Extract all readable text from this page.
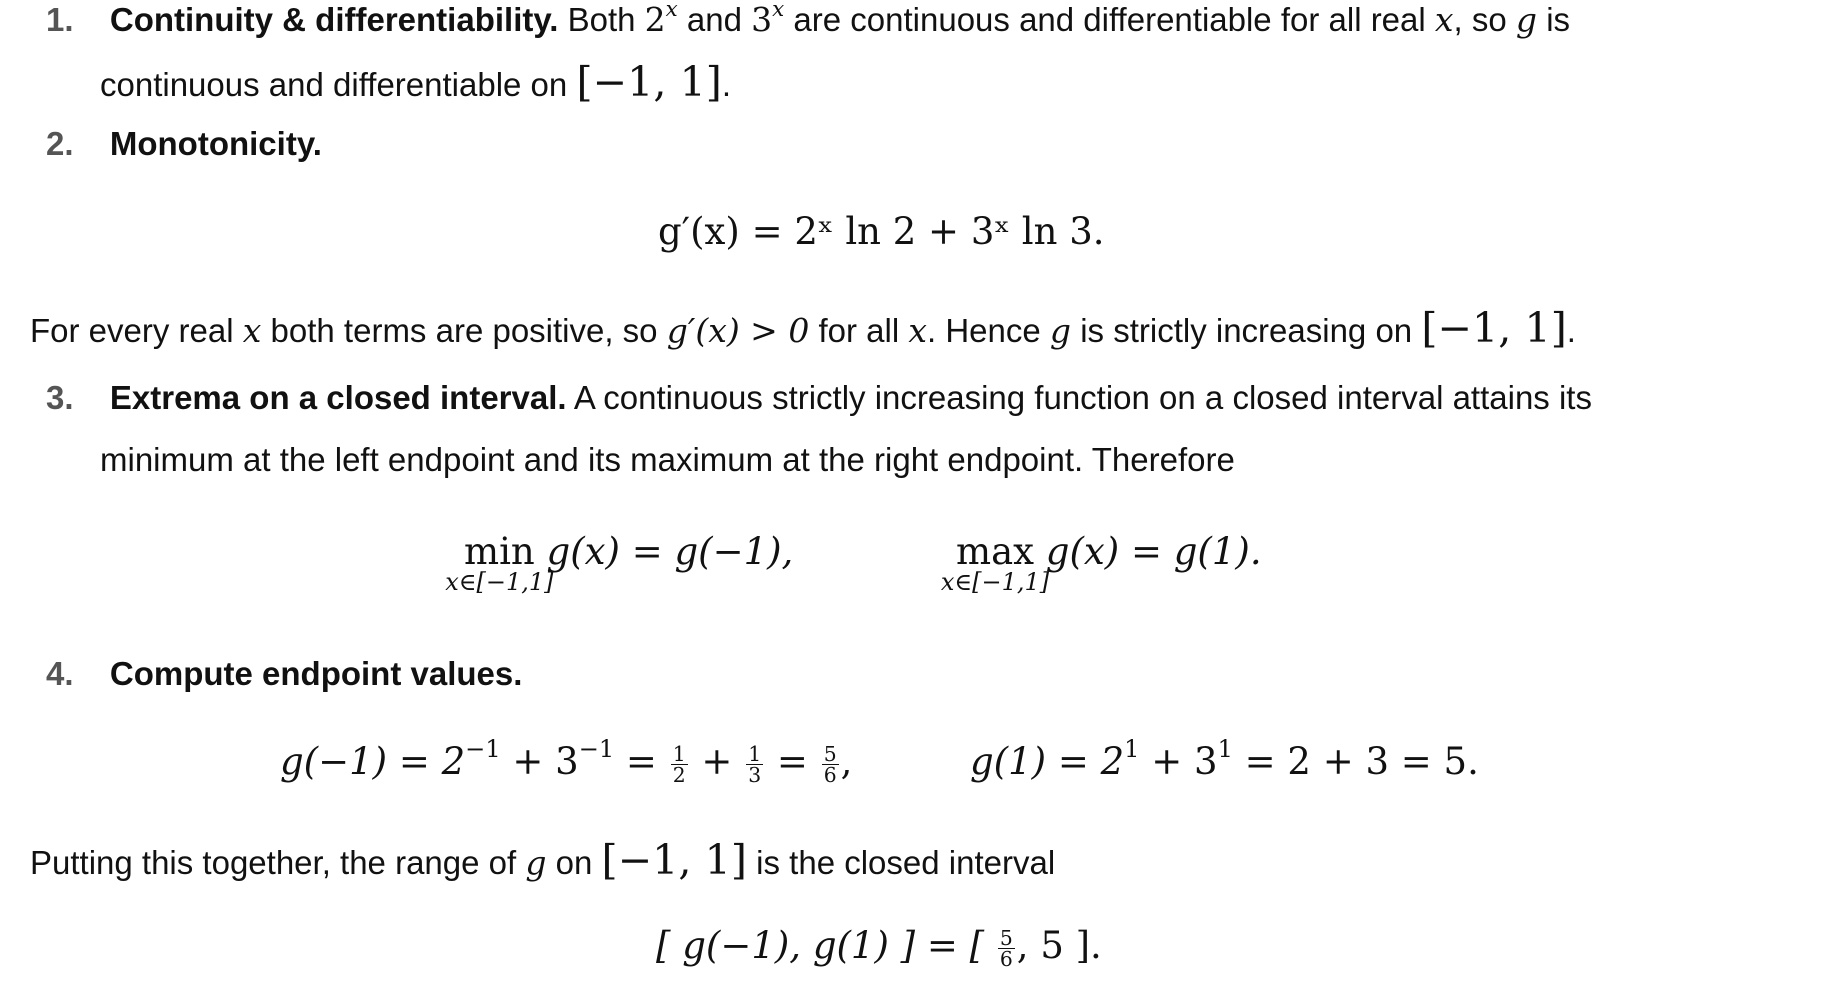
1. Continuity & differentiability. Both 2$^x$ and 3$^x$ are continuous and differentiable for all real x, so g is
continuous and differentiable on [−1, 1].
2. Monotonicity.
g′(x) = 2ˣ ln 2 + 3ˣ ln 3.
For every real x both terms are positive, so g′(x) > 0 for all x. Hence g is strictly increasing on [−1, 1].
3. Extrema on a closed interval. A continuous strictly increasing function on a closed interval attains its
minimum at the left endpoint and its maximum at the right endpoint. Therefore
min
x∈[−1,1]
g(x) = g(−1),	max
x∈[−1,1]
g(x) = g(1).
4. Compute endpoint values.
$g(-1) = 2^{-1} + 3^{-1} = \frac{1}{2} + \frac{1}{3} = \frac{5}{6}$ ,	$g(1) = 2^1 + 3^1 = 2 + 3 = 5$.
Putting this together, the range of g on [−1, 1] is the closed interval
[ g(−1), g(1) ] = [ $\frac{5}{6}$ , 5 ].
